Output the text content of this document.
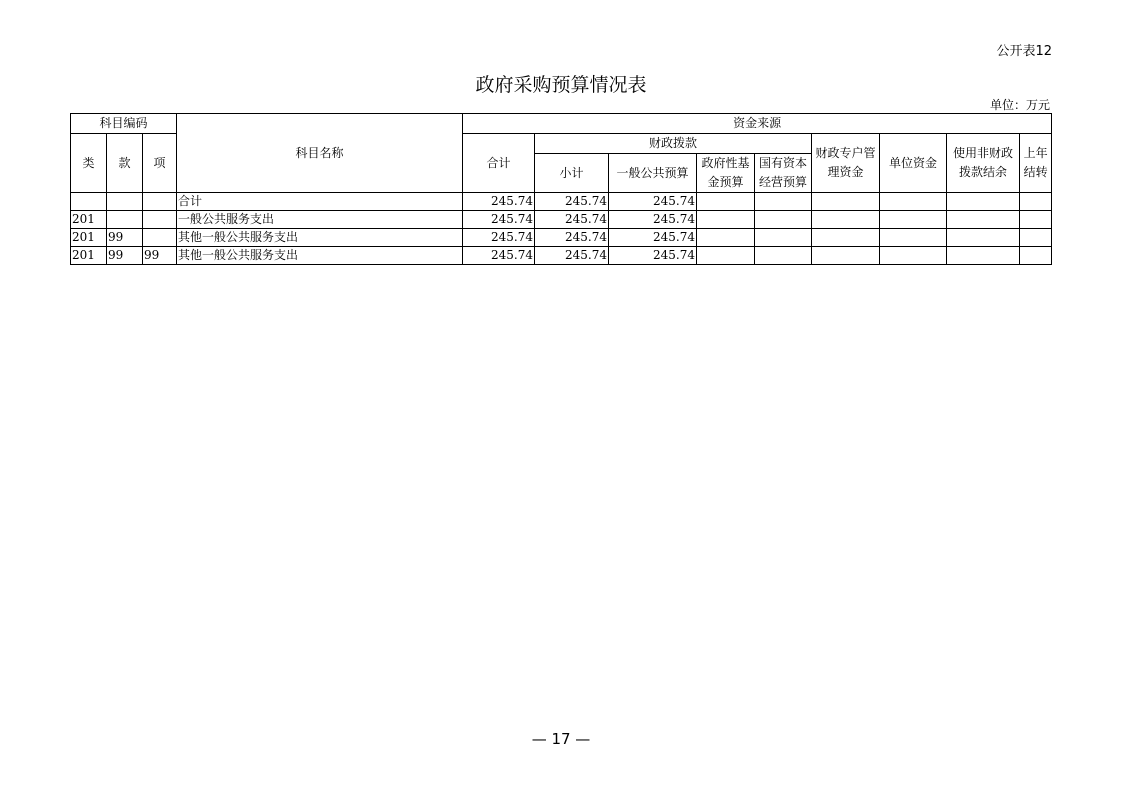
公开表12
政府采购预算情况表
单位：万元
科目编码			科目名称	资金来源								
类	款	项		合计	财政拨款				财政专户管理资金	单位资金	使用非财政拨款结余	上年结转
					小计	一般公共预算	政府性基金预算	国有资本经营预算				
			合计	245.74	245.74	245.74						
201			一般公共服务支出	245.74	245.74	245.74						
201	99		其他一般公共服务支出	245.74	245.74	245.74						
201	99	99	其他一般公共服务支出	245.74	245.74	245.74						
— 17 —
